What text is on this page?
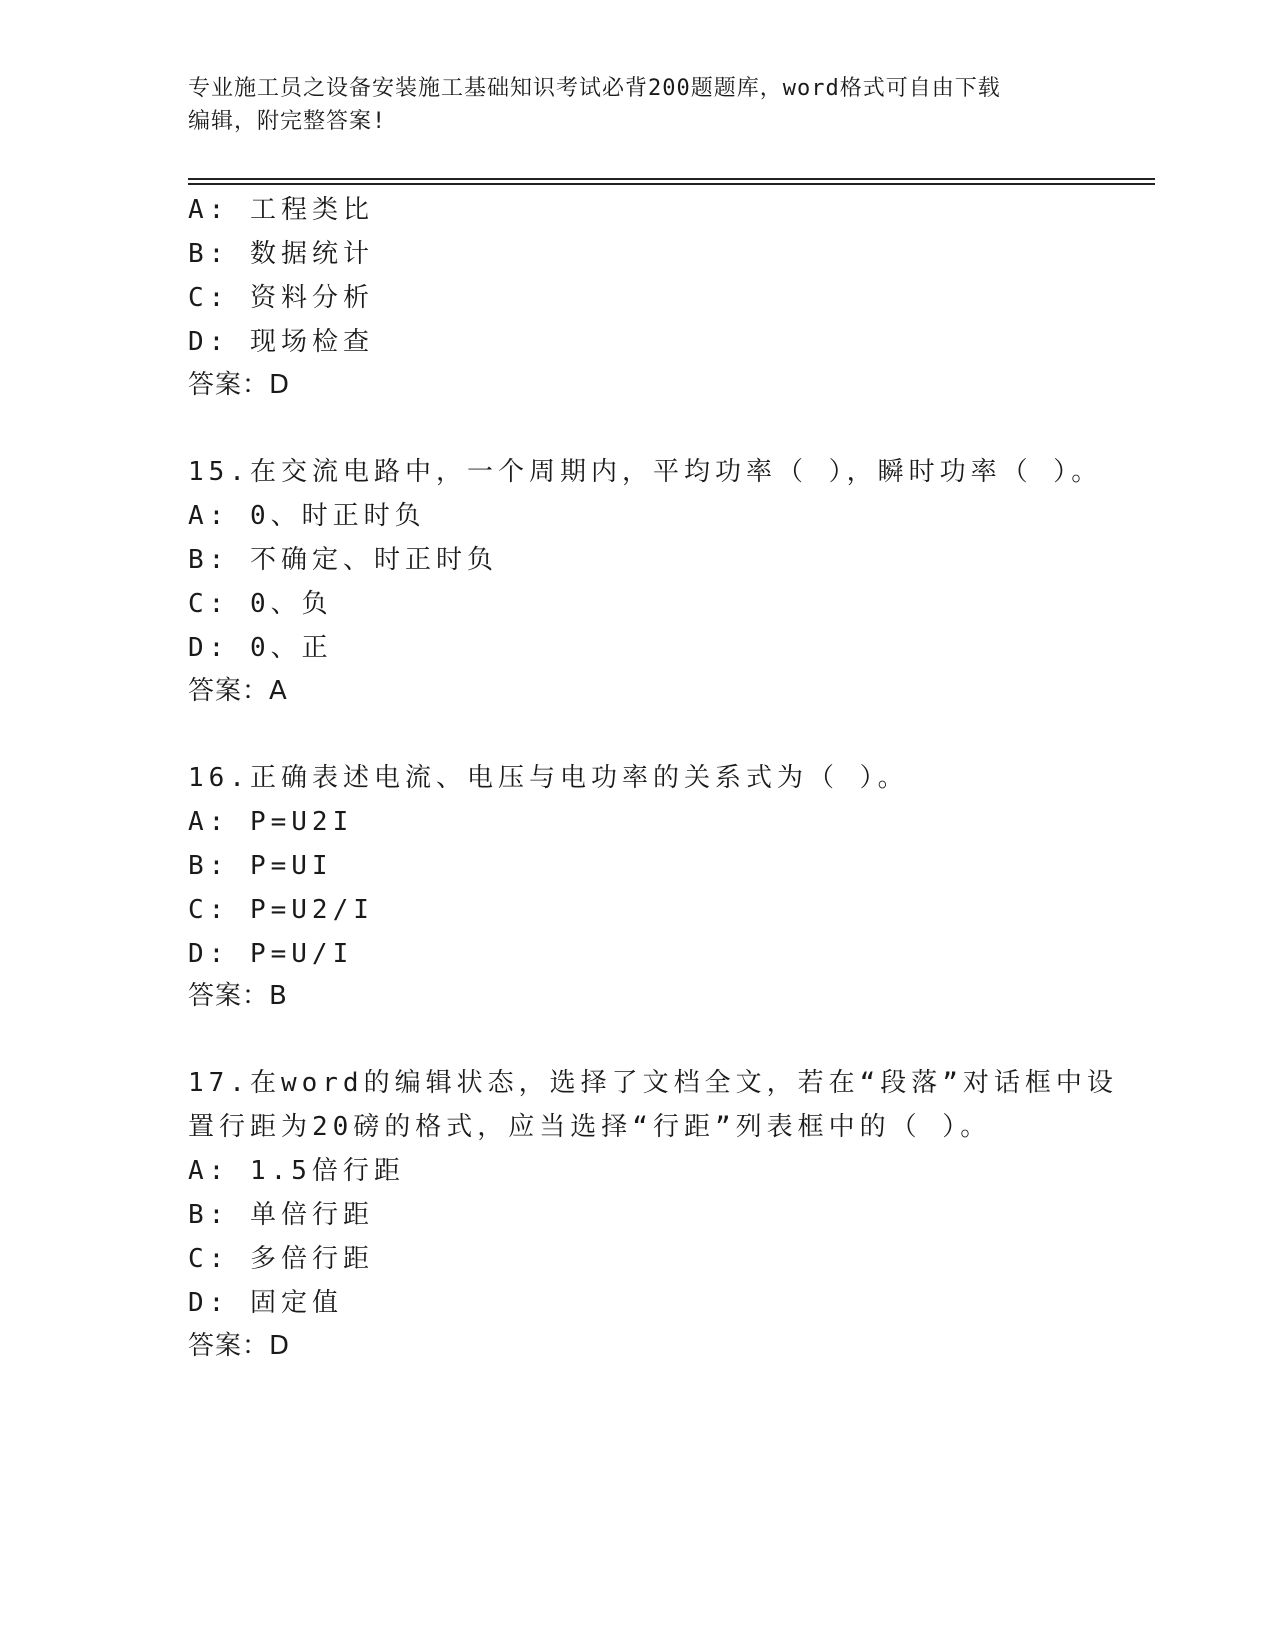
专业施工员之设备安装施工基础知识考试必背200题题库，word格式可自由下载
编辑，附完整答案!
A: 工程类比
B: 数据统计
C: 资料分析
D: 现场检查
答案：D
15.在交流电路中，一个周期内，平均功率（ ），瞬时功率（ ）。
A: 0、时正时负
B: 不确定、时正时负
C: 0、负
D: 0、正
答案：A
16.正确表述电流、电压与电功率的关系式为（ ）。
A: P=U2I
B: P=UI
C: P=U2/I
D: P=U/I
答案：B
17.在word的编辑状态，选择了文档全文，若在“段落”对话框中设
置行距为20磅的格式，应当选择“行距”列表框中的（ ）。
A: 1.5倍行距
B: 单倍行距
C: 多倍行距
D: 固定值
答案：D
